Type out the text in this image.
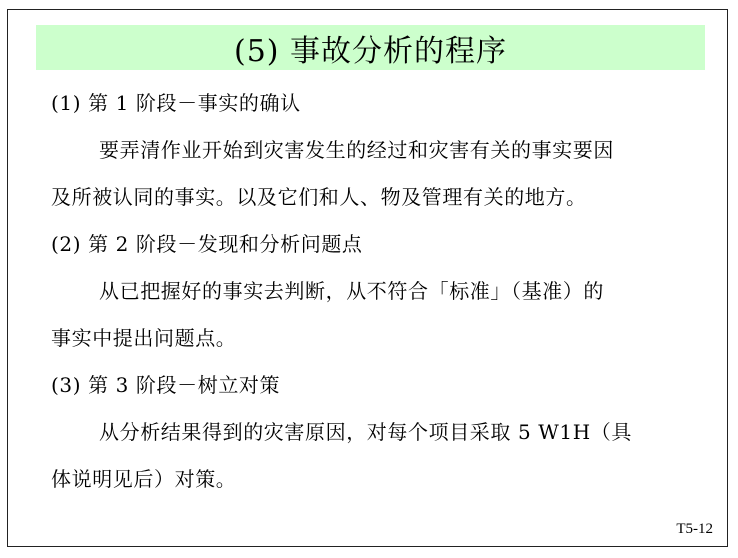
(5) 事故分析的程序
(1) 第 1 阶段－事实的确认
要弄清作业开始到灾害发生的经过和灾害有关的事实要因
及所被认同的事实。以及它们和人、物及管理有关的地方。
(2) 第 2 阶段－发现和分析问题点
从已把握好的事实去判断，从不符合「标准」（基准）的
事实中提出问题点。
(3) 第 3 阶段－树立对策
从分析结果得到的灾害原因，对每个项目采取 5 W1H（具
体说明见后）对策。
T5-12
